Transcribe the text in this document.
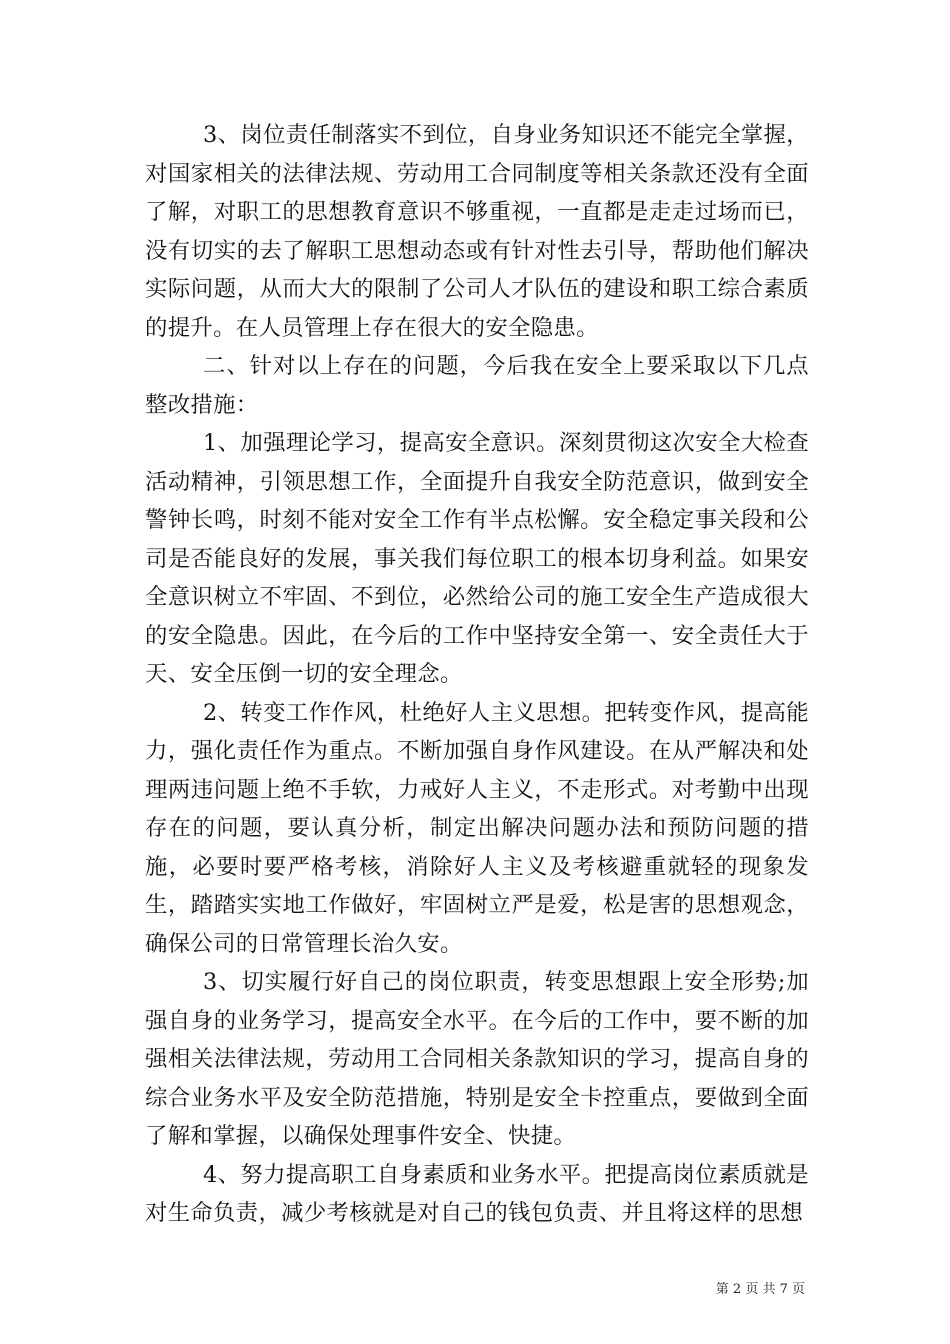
3、岗位责任制落实不到位，自身业务知识还不能完全掌握，对国家相关的法律法规、劳动用工合同制度等相关条款还没有全面了解，对职工的思想教育意识不够重视，一直都是走走过场而已，没有切实的去了解职工思想动态或有针对性去引导，帮助他们解决实际问题，从而大大的限制了公司人才队伍的建设和职工综合素质的提升。在人员管理上存在很大的安全隐患。

二、针对以上存在的问题，今后我在安全上要采取以下几点整改措施：

1、加强理论学习，提高安全意识。深刻贯彻这次安全大检查活动精神，引领思想工作，全面提升自我安全防范意识，做到安全警钟长鸣，时刻不能对安全工作有半点松懈。安全稳定事关段和公司是否能良好的发展，事关我们每位职工的根本切身利益。如果安全意识树立不牢固、不到位，必然给公司的施工安全生产造成很大的安全隐患。因此，在今后的工作中坚持安全第一、安全责任大于天、安全压倒一切的安全理念。

2、转变工作作风，杜绝好人主义思想。把转变作风，提高能力，强化责任作为重点。不断加强自身作风建设。在从严解决和处理两违问题上绝不手软，力戒好人主义，不走形式。对考勤中出现存在的问题，要认真分析，制定出解决问题办法和预防问题的措施，必要时要严格考核，消除好人主义及考核避重就轻的现象发生，踏踏实实地工作做好，牢固树立严是爱，松是害的思想观念，确保公司的日常管理长治久安。

3、切实履行好自己的岗位职责，转变思想跟上安全形势;加强自身的业务学习，提高安全水平。在今后的工作中，要不断的加强相关法律法规，劳动用工合同相关条款知识的学习，提高自身的综合业务水平及安全防范措施，特别是安全卡控重点，要做到全面了解和掌握，以确保处理事件安全、快捷。

4、努力提高职工自身素质和业务水平。把提高岗位素质就是对生命负责，减少考核就是对自己的钱包负责、并且将这样的思想

第 2 页 共 7 页
